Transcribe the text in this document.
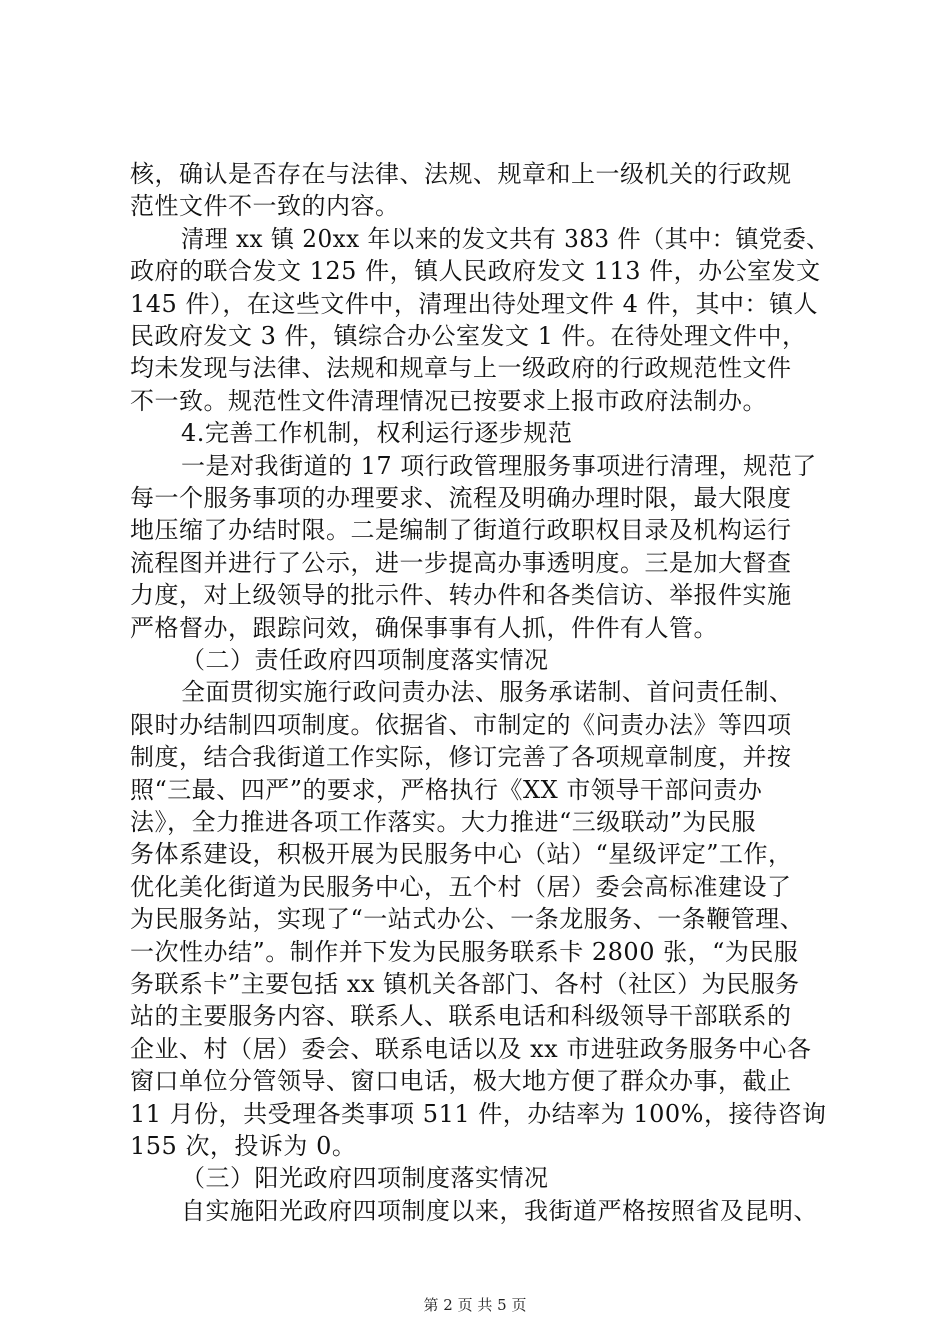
核，确认是否存在与法律、法规、规章和上一级机关的行政规
范性文件不一致的内容。
清理 xx 镇 20xx 年以来的发文共有 383 件（其中：镇党委、
政府的联合发文 125 件，镇人民政府发文 113 件，办公室发文
145 件），在这些文件中，清理出待处理文件 4 件，其中：镇人
民政府发文 3 件，镇综合办公室发文 1 件。在待处理文件中，
均未发现与法律、法规和规章与上一级政府的行政规范性文件
不一致。规范性文件清理情况已按要求上报市政府法制办。
4.完善工作机制，权利运行逐步规范
一是对我街道的 17 项行政管理服务事项进行清理，规范了
每一个服务事项的办理要求、流程及明确办理时限，最大限度
地压缩了办结时限。二是编制了街道行政职权目录及机构运行
流程图并进行了公示，进一步提高办事透明度。三是加大督查
力度，对上级领导的批示件、转办件和各类信访、举报件实施
严格督办，跟踪问效，确保事事有人抓，件件有人管。
（二）责任政府四项制度落实情况
全面贯彻实施行政问责办法、服务承诺制、首问责任制、
限时办结制四项制度。依据省、市制定的《问责办法》等四项
制度，结合我街道工作实际，修订完善了各项规章制度，并按
照“三最、四严”的要求，严格执行《XX 市领导干部问责办
法》，全力推进各项工作落实。大力推进“三级联动”为民服
务体系建设，积极开展为民服务中心（站）“星级评定”工作，
优化美化街道为民服务中心，五个村（居）委会高标准建设了
为民服务站，实现了“一站式办公、一条龙服务、一条鞭管理、
一次性办结”。制作并下发为民服务联系卡 2800 张，“为民服
务联系卡”主要包括 xx 镇机关各部门、各村（社区）为民服务
站的主要服务内容、联系人、联系电话和科级领导干部联系的
企业、村（居）委会、联系电话以及 xx 市进驻政务服务中心各
窗口单位分管领导、窗口电话，极大地方便了群众办事，截止
11 月份，共受理各类事项 511 件，办结率为 100%，接待咨询
155 次，投诉为 0。
（三）阳光政府四项制度落实情况
自实施阳光政府四项制度以来，我街道严格按照省及昆明、
第 2 页 共 5 页
